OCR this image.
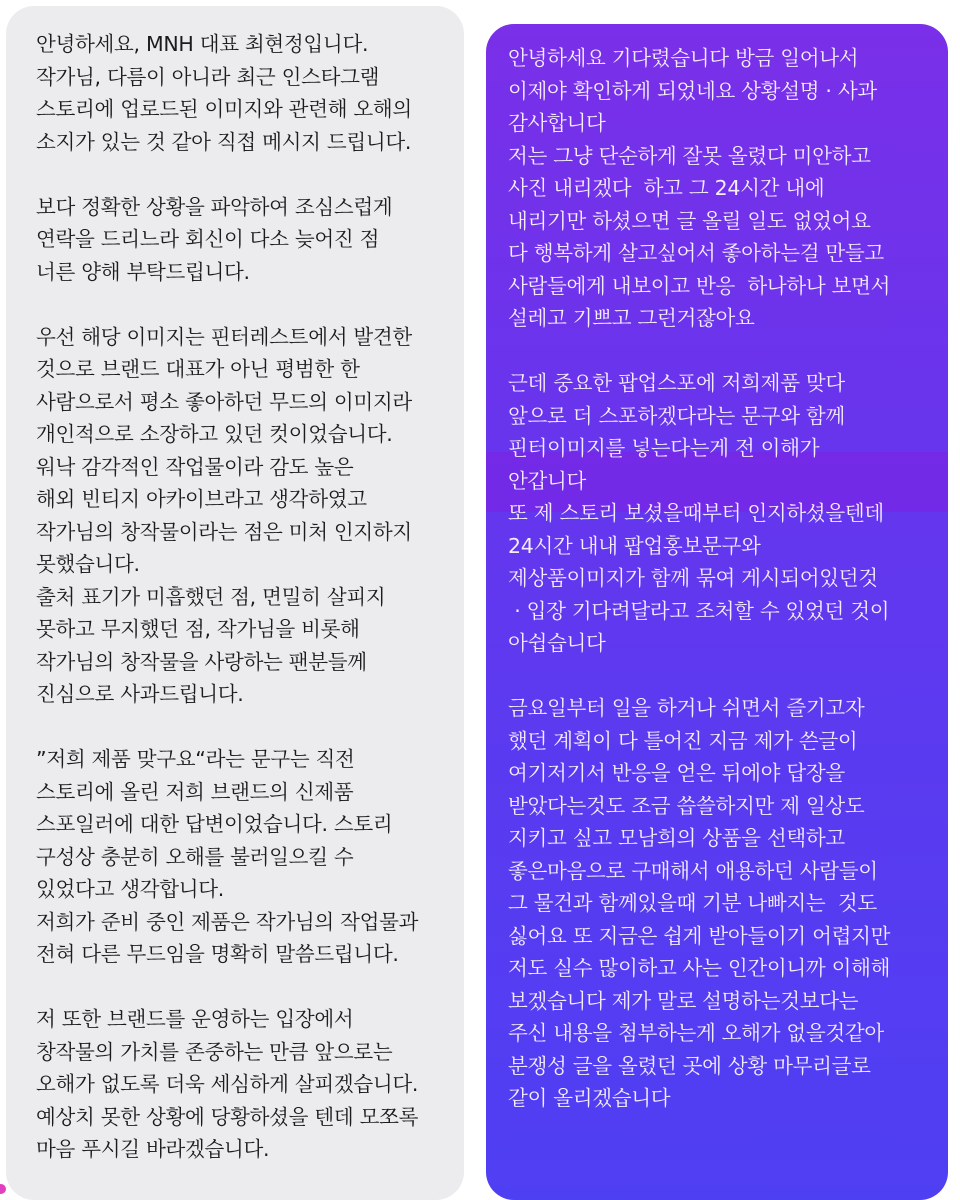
안녕하세요, MNH 대표 최현정입니다.
작가님, 다름이 아니라 최근 인스타그램
스토리에 업로드된 이미지와 관련해 오해의
소지가 있는 것 같아 직접 메시지 드립니다.
보다 정확한 상황을 파악하여 조심스럽게
연락을 드리느라 회신이 다소 늦어진 점
너른 양해 부탁드립니다.
우선 해당 이미지는 핀터레스트에서 발견한
것으로 브랜드 대표가 아닌 평범한 한
사람으로서 평소 좋아하던 무드의 이미지라
개인적으로 소장하고 있던 컷이었습니다.
워낙 감각적인 작업물이라 감도 높은
해외 빈티지 아카이브라고 생각하였고
작가님의 창작물이라는 점은 미처 인지하지
못했습니다.
출처 표기가 미흡했던 점, 면밀히 살피지
못하고 무지했던 점, 작가님을 비롯해
작가님의 창작물을 사랑하는 팬분들께
진심으로 사과드립니다.
”저희 제품 맞구요“라는 문구는 직전
스토리에 올린 저희 브랜드의 신제품
스포일러에 대한 답변이었습니다. 스토리
구성상 충분히 오해를 불러일으킬 수
있었다고 생각합니다.
저희가 준비 중인 제품은 작가님의 작업물과
전혀 다른 무드임을 명확히 말씀드립니다.
저 또한 브랜드를 운영하는 입장에서
창작물의 가치를 존중하는 만큼 앞으로는
오해가 없도록 더욱 세심하게 살피겠습니다.
예상치 못한 상황에 당황하셨을 텐데 모쪼록
마음 푸시길 바라겠습니다.
안녕하세요 기다렸습니다 방금 일어나서
이제야 확인하게 되었네요 상황설명 · 사과
감사합니다
저는 그냥 단순하게 잘못 올렸다 미안하고
사진 내리겠다  하고 그 24시간 내에
내리기만 하셨으면 글 올릴 일도 없었어요
다 행복하게 살고싶어서 좋아하는걸 만들고
사람들에게 내보이고 반응  하나하나 보면서
설레고 기쁘고 그런거잖아요
근데 중요한 팝업스포에 저희제품 맞다
앞으로 더 스포하겠다라는 문구와 함께
핀터이미지를 넣는다는게 전 이해가
안갑니다
또 제 스토리 보셨을때부터 인지하셨을텐데
24시간 내내 팝업홍보문구와
제상품이미지가 함께 묶여 게시되어있던것
· 입장 기다려달라고 조처할 수 있었던 것이
아쉽습니다
금요일부터 일을 하거나 쉬면서 즐기고자
했던 계획이 다 틀어진 지금 제가 쓴글이
여기저기서 반응을 얻은 뒤에야 답장을
받았다는것도 조금 씁쓸하지만 제 일상도
지키고 싶고 모남희의 상품을 선택하고
좋은마음으로 구매해서 애용하던 사람들이
그 물건과 함께있을때 기분 나빠지는  것도
싫어요 또 지금은 쉽게 받아들이기 어렵지만
저도 실수 많이하고 사는 인간이니까 이해해
보겠습니다 제가 말로 설명하는것보다는
주신 내용을 첨부하는게 오해가 없을것같아
분쟁성 글을 올렸던 곳에 상황 마무리글로
같이 올리겠습니다
